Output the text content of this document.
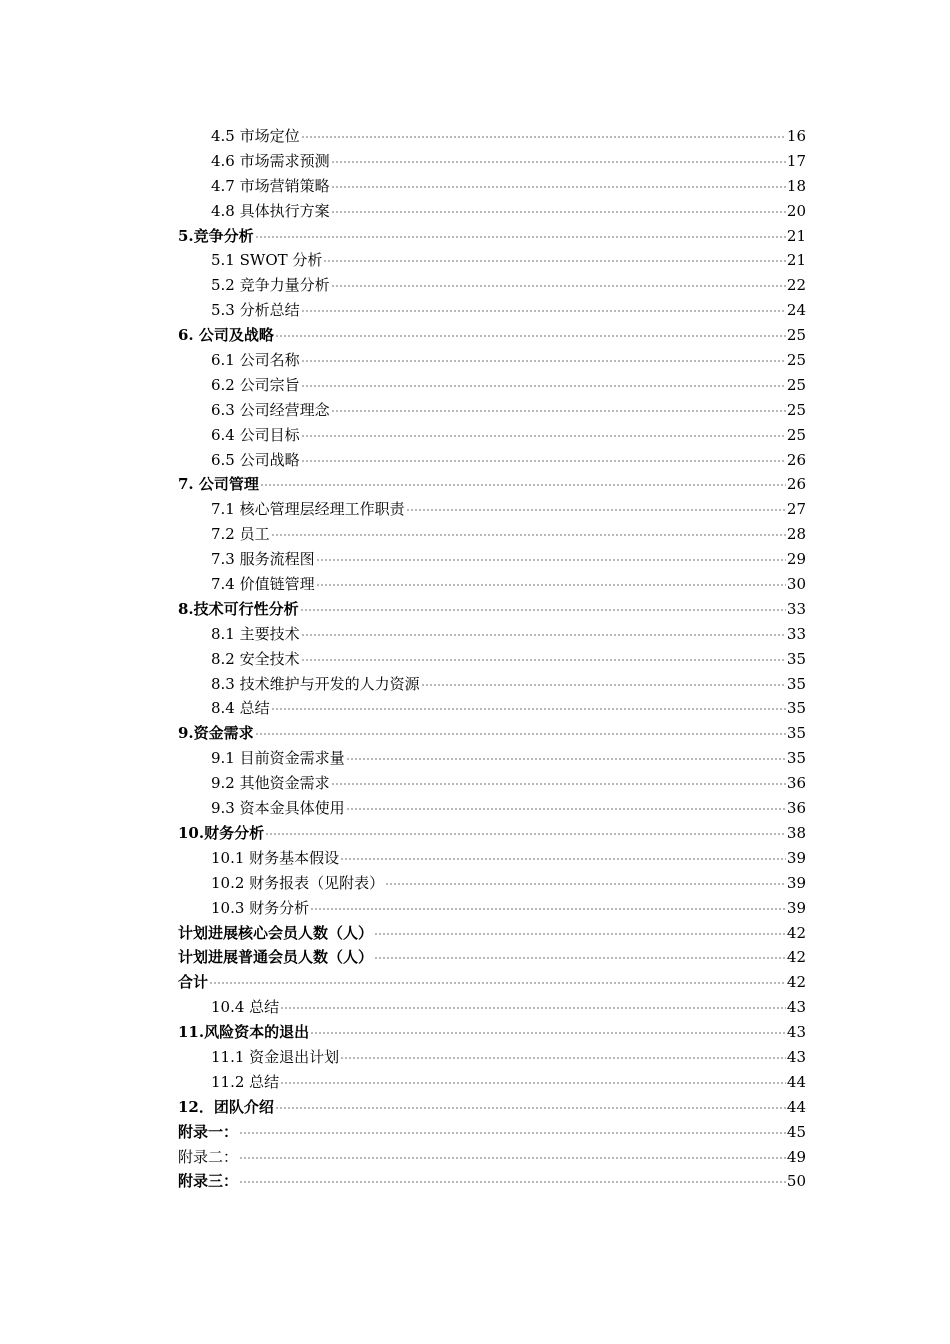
4.5 市场定位	16
4.6 市场需求预测	17
4.7 市场营销策略	18
4.8 具体执行方案	20
5.竞争分析	21
5.1 SWOT 分析	21
5.2 竞争力量分析	22
5.3 分析总结	24
6. 公司及战略	25
6.1 公司名称	25
6.2 公司宗旨	25
6.3 公司经营理念	25
6.4 公司目标	25
6.5 公司战略	26
7. 公司管理	26
7.1 核心管理层经理工作职责	27
7.2 员工	28
7.3 服务流程图	29
7.4 价值链管理	30
8.技术可行性分析	33
8.1 主要技术	33
8.2 安全技术	35
8.3 技术维护与开发的人力资源	35
8.4 总结	35
9.资金需求	35
9.1 目前资金需求量	35
9.2 其他资金需求	36
9.3 资本金具体使用	36
10.财务分析	38
10.1 财务基本假设	39
10.2 财务报表（见附表）	39
10.3 财务分析	39
计划进展核心会员人数（人）	42
计划进展普通会员人数（人）	42
合计	42
10.4 总结	43
11.风险资本的退出	43
11.1 资金退出计划	43
11.2 总结	44
12．团队介绍	44
附录一：	45
附录二：	49
附录三：	50
